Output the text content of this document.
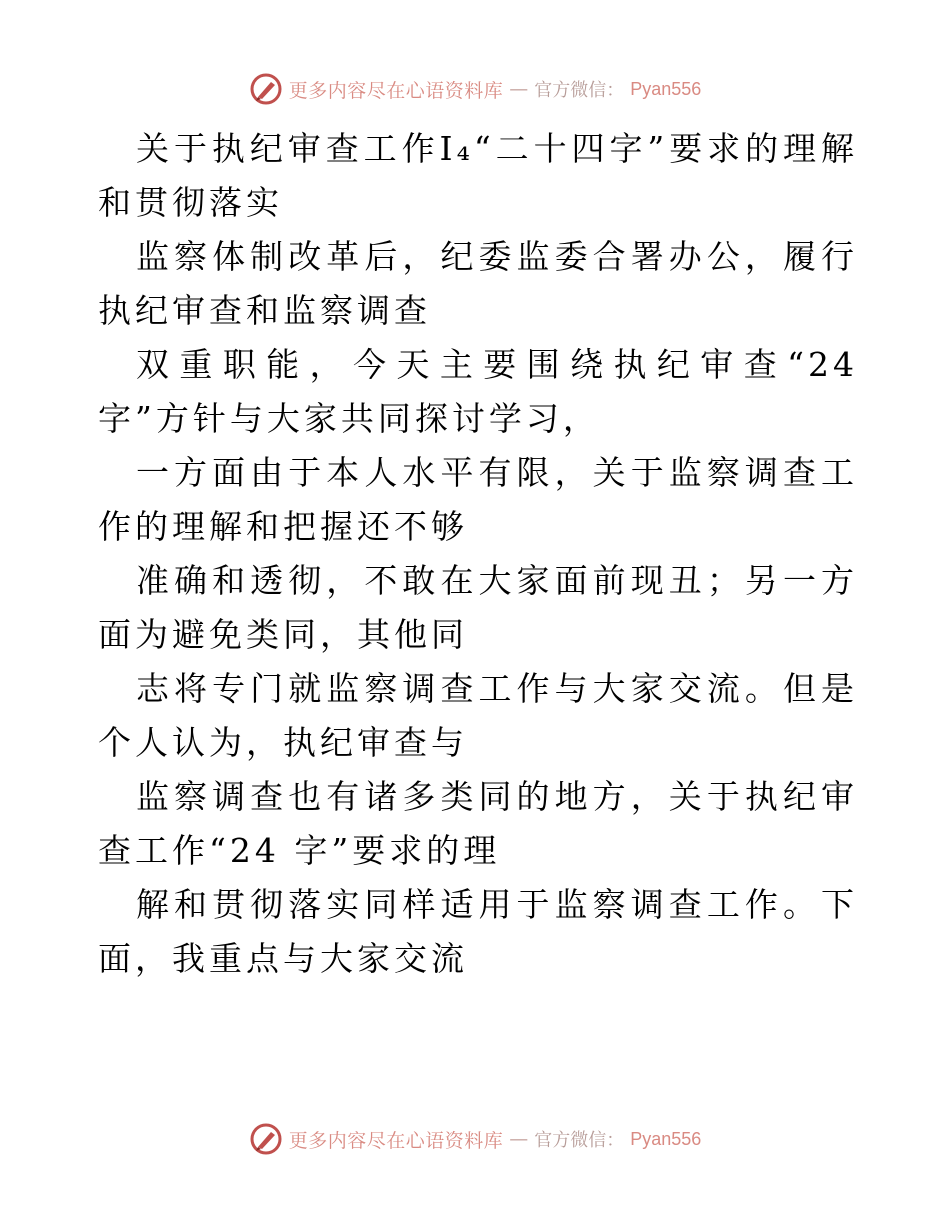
更多内容尽在心语资料库 — 官方微信： Pyan556

关于执纪审查工作I₄“二十四字”要求的理解和贯彻落实

监察体制改革后，纪委监委合署办公，履行执纪审查和监察调查

双重职能，今天主要围绕执纪审查“24 字”方针与大家共同探讨学习，

一方面由于本人水平有限，关于监察调查工作的理解和把握还不够

准确和透彻，不敢在大家面前现丑；另一方面为避免类同，其他同

志将专门就监察调查工作与大家交流。但是个人认为，执纪审查与

监察调查也有诸多类同的地方，关于执纪审查工作“24 字”要求的理

解和贯彻落实同样适用于监察调查工作。下面，我重点与大家交流

更多内容尽在心语资料库 — 官方微信： Pyan556
